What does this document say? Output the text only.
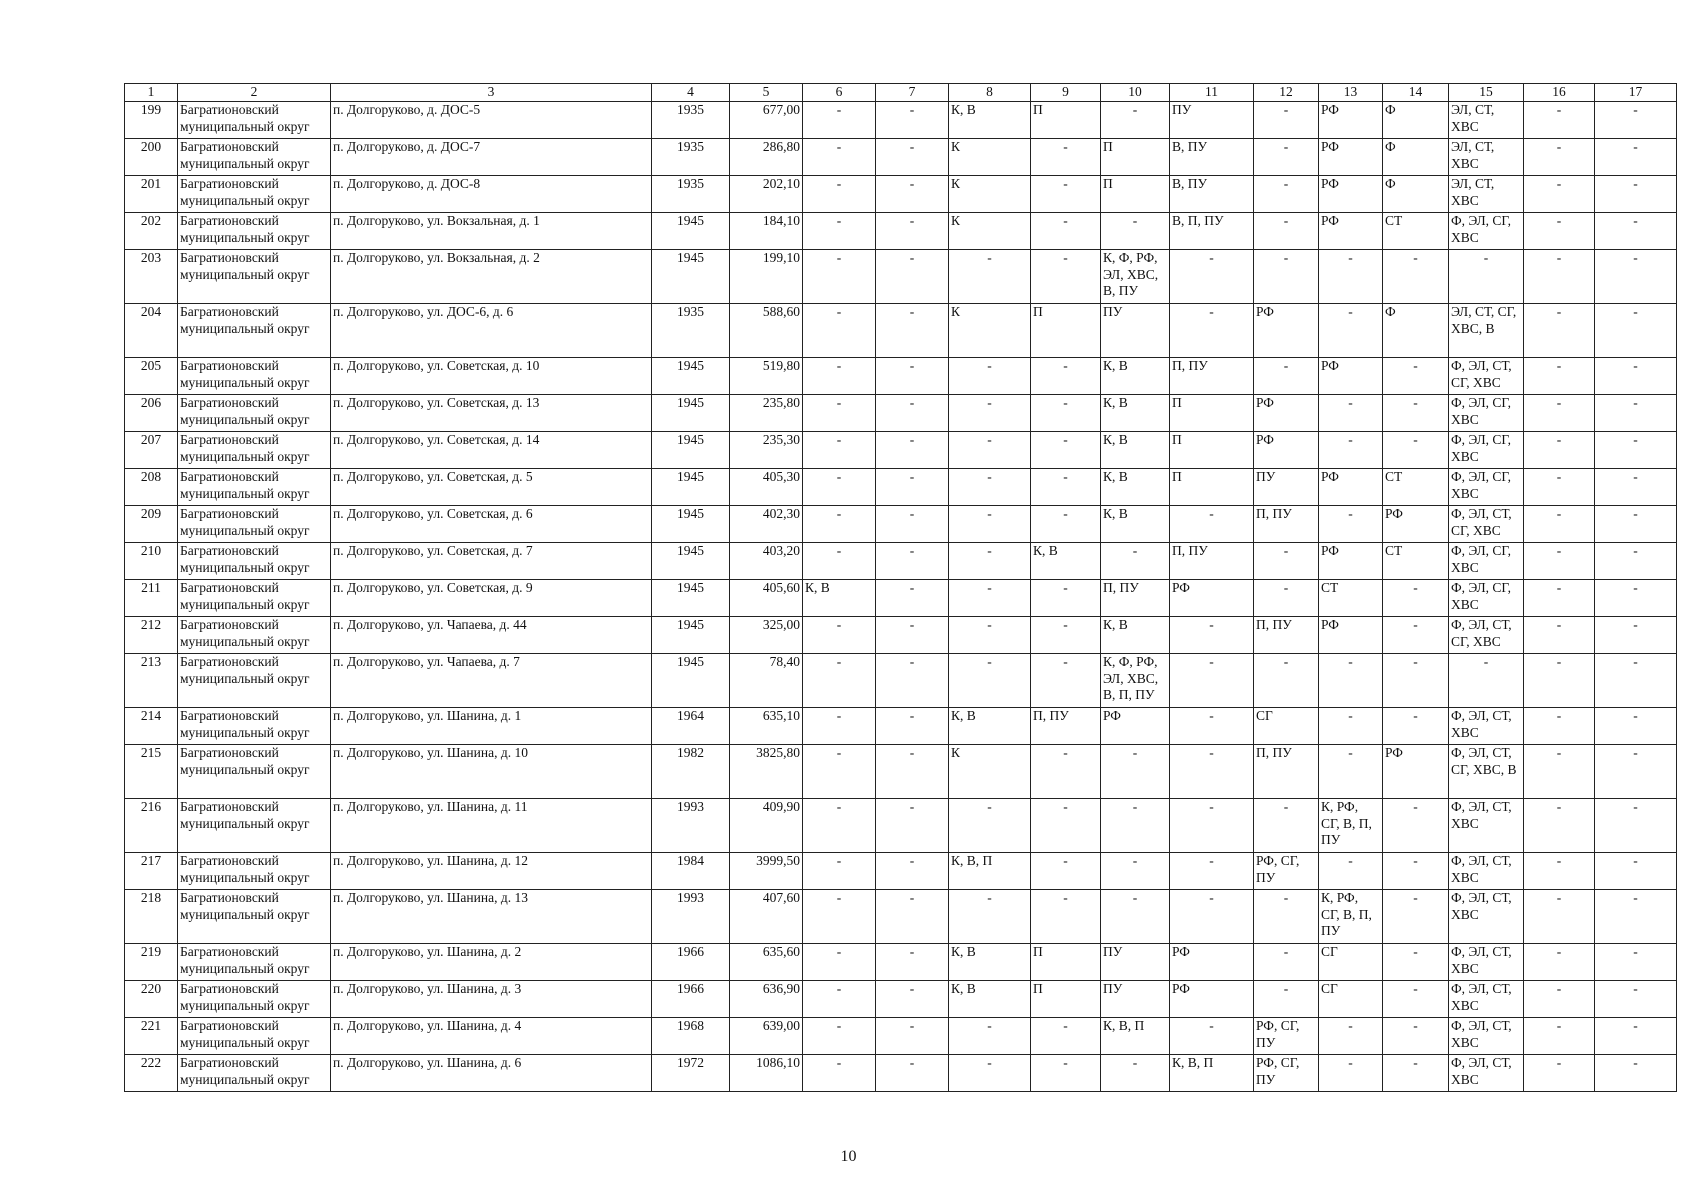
1	2	3	4	5	6	7	8	9	10	11	12	13	14	15	16	17
199	Багратионовский муниципальный округ	п. Долгоруково, д. ДОС-5	1935	677,00	-	-	К, В	П	-	ПУ	-	РФ	Ф	ЭЛ, СТ, ХВС	-	-
200	Багратионовский муниципальный округ	п. Долгоруково, д. ДОС-7	1935	286,80	-	-	К	-	П	В, ПУ	-	РФ	Ф	ЭЛ, СТ, ХВС	-	-
201	Багратионовский муниципальный округ	п. Долгоруково, д. ДОС-8	1935	202,10	-	-	К	-	П	В, ПУ	-	РФ	Ф	ЭЛ, СТ, ХВС	-	-
202	Багратионовский муниципальный округ	п. Долгоруково, ул. Вокзальная, д. 1	1945	184,10	-	-	К	-	-	В, П, ПУ	-	РФ	СТ	Ф, ЭЛ, СГ, ХВС	-	-
203	Багратионовский муниципальный округ	п. Долгоруково, ул. Вокзальная, д. 2	1945	199,10	-	-	-	-	К, Ф, РФ, ЭЛ, ХВС, В, ПУ	-	-	-	-	-	-	-
204	Багратионовский муниципальный округ	п. Долгоруково, ул. ДОС-6, д. 6	1935	588,60	-	-	К	П	ПУ	-	РФ	-	Ф	ЭЛ, СТ, СГ, ХВС, В	-	-
205	Багратионовский муниципальный округ	п. Долгоруково, ул. Советская, д. 10	1945	519,80	-	-	-	-	К, В	П, ПУ	-	РФ	-	Ф, ЭЛ, СТ, СГ, ХВС	-	-
206	Багратионовский муниципальный округ	п. Долгоруково, ул. Советская, д. 13	1945	235,80	-	-	-	-	К, В	П	РФ	-	-	Ф, ЭЛ, СГ, ХВС	-	-
207	Багратионовский муниципальный округ	п. Долгоруково, ул. Советская, д. 14	1945	235,30	-	-	-	-	К, В	П	РФ	-	-	Ф, ЭЛ, СГ, ХВС	-	-
208	Багратионовский муниципальный округ	п. Долгоруково, ул. Советская, д. 5	1945	405,30	-	-	-	-	К, В	П	ПУ	РФ	СТ	Ф, ЭЛ, СГ, ХВС	-	-
209	Багратионовский муниципальный округ	п. Долгоруково, ул. Советская, д. 6	1945	402,30	-	-	-	-	К, В	-	П, ПУ	-	РФ	Ф, ЭЛ, СТ, СГ, ХВС	-	-
210	Багратионовский муниципальный округ	п. Долгоруково, ул. Советская, д. 7	1945	403,20	-	-	-	К, В	-	П, ПУ	-	РФ	СТ	Ф, ЭЛ, СГ, ХВС	-	-
211	Багратионовский муниципальный округ	п. Долгоруково, ул. Советская, д. 9	1945	405,60	К, В	-	-	-	П, ПУ	РФ	-	СТ	-	Ф, ЭЛ, СГ, ХВС	-	-
212	Багратионовский муниципальный округ	п. Долгоруково, ул. Чапаева, д. 44	1945	325,00	-	-	-	-	К, В	-	П, ПУ	РФ	-	Ф, ЭЛ, СТ, СГ, ХВС	-	-
213	Багратионовский муниципальный округ	п. Долгоруково, ул. Чапаева, д. 7	1945	78,40	-	-	-	-	К, Ф, РФ, ЭЛ, ХВС, В, П, ПУ	-	-	-	-	-	-	-
214	Багратионовский муниципальный округ	п. Долгоруково, ул. Шанина, д. 1	1964	635,10	-	-	К, В	П, ПУ	РФ	-	СГ	-	-	Ф, ЭЛ, СТ, ХВС	-	-
215	Багратионовский муниципальный округ	п. Долгоруково, ул. Шанина, д. 10	1982	3825,80	-	-	К	-	-	-	П, ПУ	-	РФ	Ф, ЭЛ, СТ, СГ, ХВС, В	-	-
216	Багратионовский муниципальный округ	п. Долгоруково, ул. Шанина, д. 11	1993	409,90	-	-	-	-	-	-	-	К, РФ, СГ, В, П, ПУ	-	Ф, ЭЛ, СТ, ХВС	-	-
217	Багратионовский муниципальный округ	п. Долгоруково, ул. Шанина, д. 12	1984	3999,50	-	-	К, В, П	-	-	-	РФ, СГ, ПУ	-	-	Ф, ЭЛ, СТ, ХВС	-	-
218	Багратионовский муниципальный округ	п. Долгоруково, ул. Шанина, д. 13	1993	407,60	-	-	-	-	-	-	-	К, РФ, СГ, В, П, ПУ	-	Ф, ЭЛ, СТ, ХВС	-	-
219	Багратионовский муниципальный округ	п. Долгоруково, ул. Шанина, д. 2	1966	635,60	-	-	К, В	П	ПУ	РФ	-	СГ	-	Ф, ЭЛ, СТ, ХВС	-	-
220	Багратионовский муниципальный округ	п. Долгоруково, ул. Шанина, д. 3	1966	636,90	-	-	К, В	П	ПУ	РФ	-	СГ	-	Ф, ЭЛ, СТ, ХВС	-	-
221	Багратионовский муниципальный округ	п. Долгоруково, ул. Шанина, д. 4	1968	639,00	-	-	-	-	К, В, П	-	РФ, СГ, ПУ	-	-	Ф, ЭЛ, СТ, ХВС	-	-
222	Багратионовский муниципальный округ	п. Долгоруково, ул. Шанина, д. 6	1972	1086,10	-	-	-	-	-	К, В, П	РФ, СГ, ПУ	-	-	Ф, ЭЛ, СТ, ХВС	-	-
10
